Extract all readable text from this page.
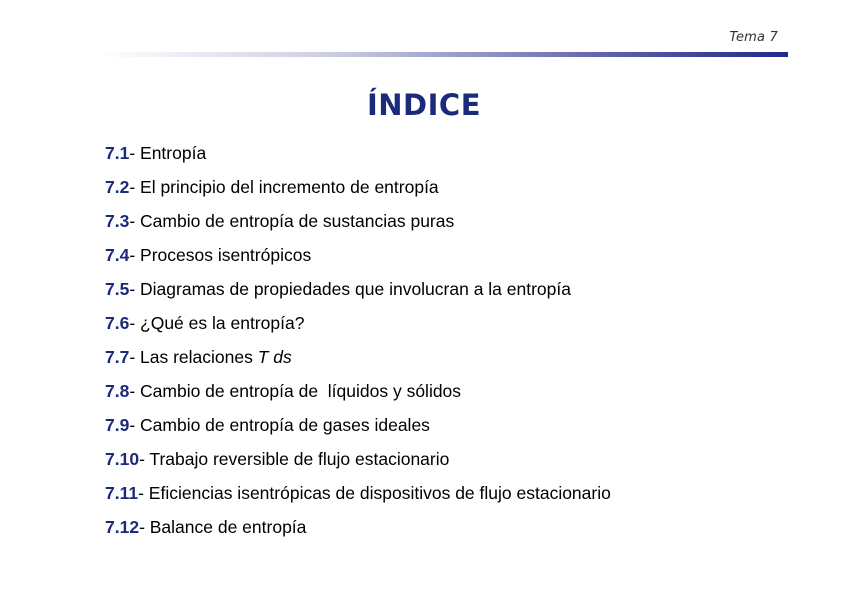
Tema 7
ÍNDICE
7.1- Entropía
7.2- El principio del incremento de entropía
7.3- Cambio de entropía de sustancias puras
7.4- Procesos isentrópicos
7.5- Diagramas de propiedades que involucran a la entropía
7.6- ¿Qué es la entropía?
7.7- Las relaciones T ds
7.8- Cambio de entropía de  líquidos y sólidos
7.9- Cambio de entropía de gases ideales
7.10- Trabajo reversible de flujo estacionario
7.11- Eficiencias isentrópicas de dispositivos de flujo estacionario
7.12- Balance de entropía
